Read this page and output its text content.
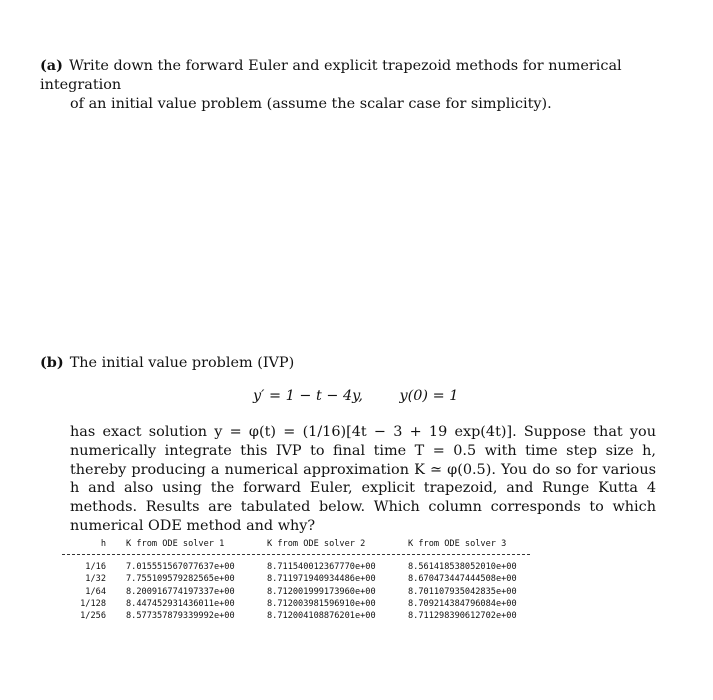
(a) Write down the forward Euler and explicit trapezoid methods for numerical integration
of an initial value problem (assume the scalar case for simplicity).
(b) The initial value problem (IVP)
y′ = 1 − t − 4y,        y(0) = 1
has exact solution y = φ(t) = (1/16)[4t − 3 + 19 exp(4t)]. Suppose that you numerically integrate this IVP to final time T = 0.5 with time step size h, thereby producing a numerical approximation K ≃ φ(0.5). You do so for various h and also using the forward Euler, explicit trapezoid, and Runge Kutta 4 methods. Results are tabulated below. Which column corresponds to which numerical ODE method and why?
h	K from ODE solver 1	K from ODE solver 2	K from ODE solver 3
1/16	7.015551567077637e+00	8.711540012367770e+00	8.561418538052010e+00
1/32	7.755109579282565e+00	8.711971940934486e+00	8.670473447444508e+00
1/64	8.200916774197337e+00	8.712001999173960e+00	8.701107935042835e+00
1/128	8.447452931436011e+00	8.712003981596910e+00	8.709214384796084e+00
1/256	8.577357879339992e+00	8.712004108876201e+00	8.711298390612702e+00
